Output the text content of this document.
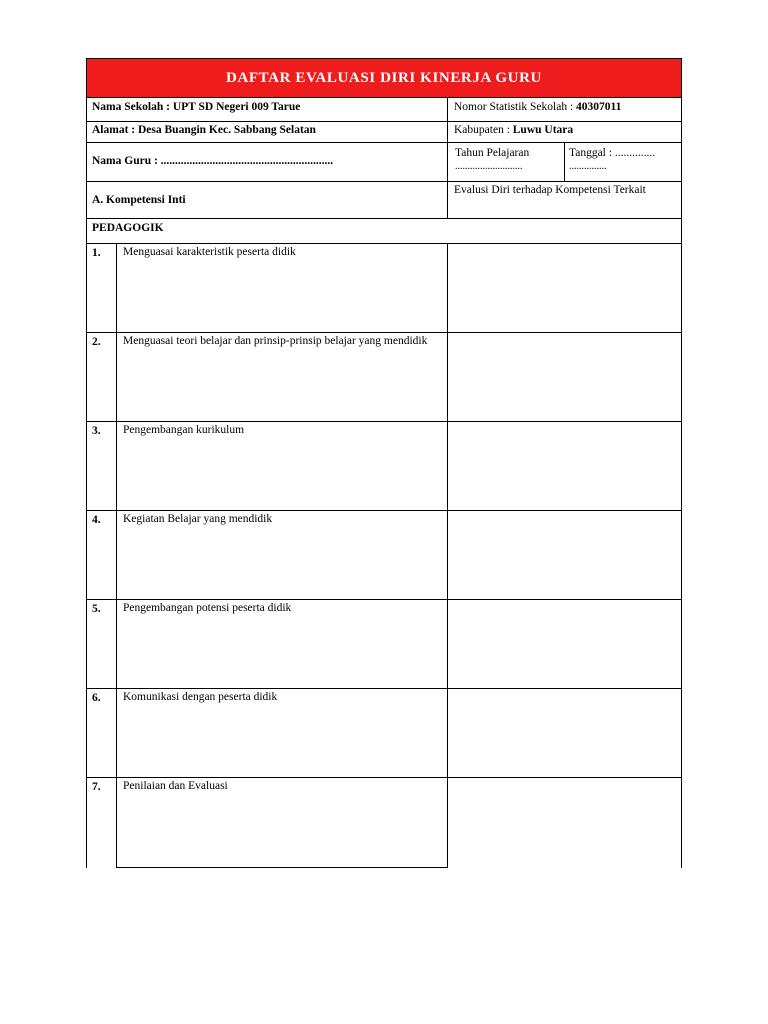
DAFTAR EVALUASI DIRI KINERJA GURU
Nama Sekolah : UPT SD Negeri 009 Tarue	Nomor Statistik Sekolah : 40307011
Alamat : Desa Buangin Kec. Sabbang Selatan	Kabupaten : Luwu Utara
Nama Guru : ............................................................
Tahun Pelajaran
...........................
Tanggal : ..............
...............
A. Kompetensi Inti
Evalusi Diri terhadap Kompetensi Terkait
PEDAGOGIK
1. Menguasai karakteristik peserta didik
2. Menguasai teori belajar dan prinsip-prinsip belajar yang mendidik
3. Pengembangan kurikulum
4. Kegiatan Belajar yang mendidik
5. Pengembangan potensi peserta didik
6. Komunikasi dengan peserta didik
7. Penilaian dan Evaluasi
